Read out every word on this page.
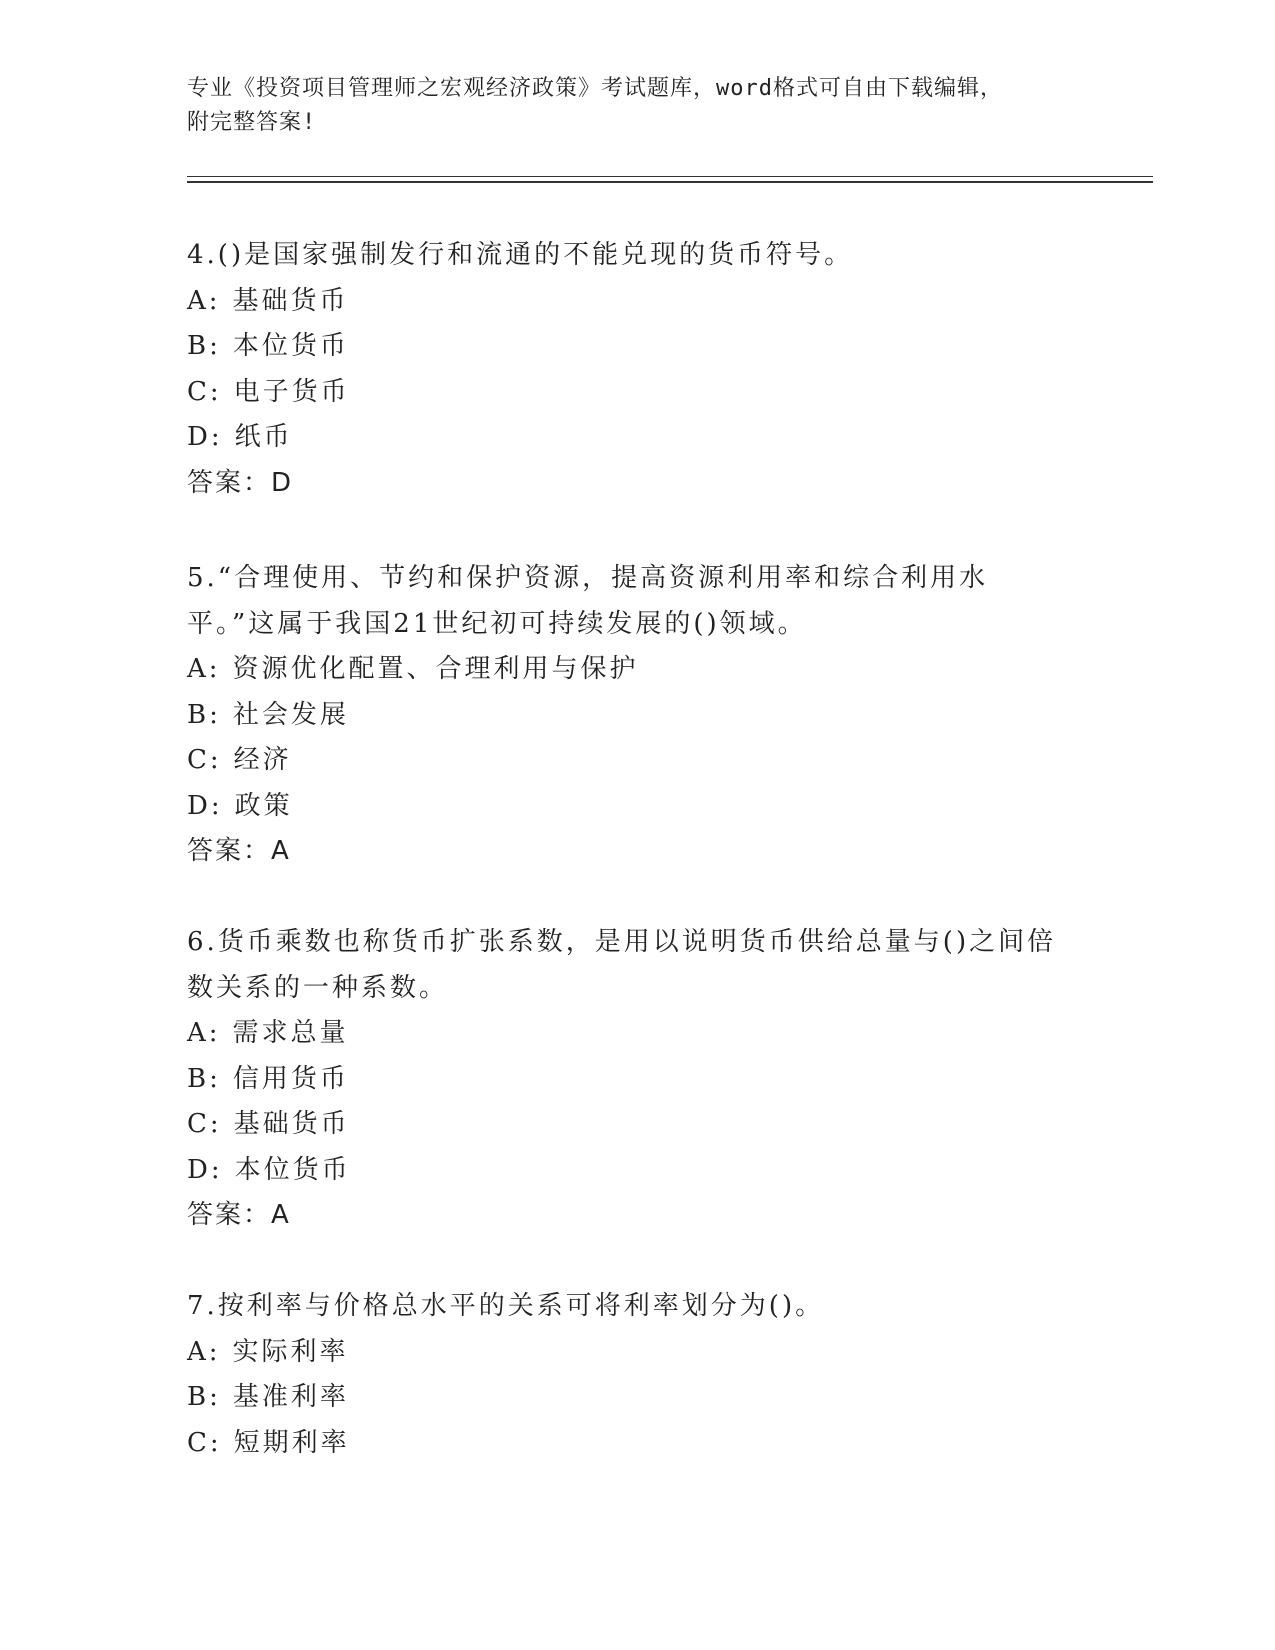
专业《投资项目管理师之宏观经济政策》考试题库，word格式可自由下载编辑，
附完整答案!
4.()是国家强制发行和流通的不能兑现的货币符号。
A: 基础货币
B: 本位货币
C: 电子货币
D: 纸币
答案：D
5.“合理使用、节约和保护资源，提高资源利用率和综合利用水平。”这属于我国21世纪初可持续发展的()领域。
A: 资源优化配置、合理利用与保护
B: 社会发展
C: 经济
D: 政策
答案：A
6.货币乘数也称货币扩张系数，是用以说明货币供给总量与()之间倍数关系的一种系数。
A: 需求总量
B: 信用货币
C: 基础货币
D: 本位货币
答案：A
7.按利率与价格总水平的关系可将利率划分为()。
A: 实际利率
B: 基准利率
C: 短期利率
